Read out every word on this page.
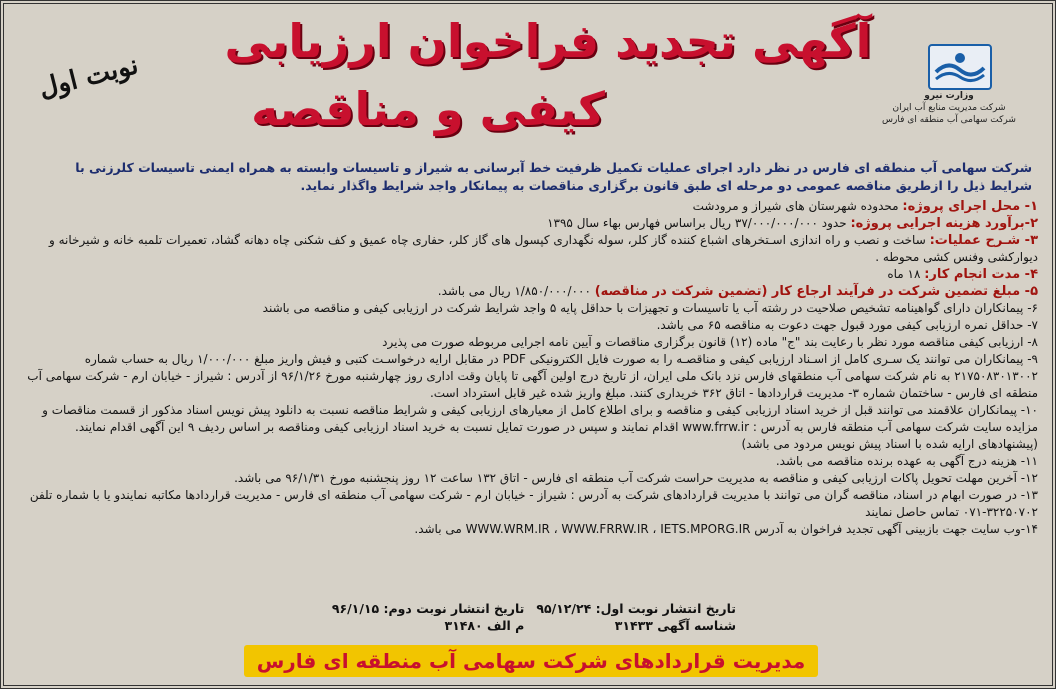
آگهی تجدید فراخوان ارزیابی
کیفی و مناقصه	وزارت نیرو
شرکت مدیریت منابع آب ایران
شرکت سهامی آب منطقه ای فارس
نوبت اول
شرکت سهامی آب منطقه ای فارس در نظر دارد اجرای عملیات تکمیل ظرفیت خط آبرسانی به شیراز و تاسیسات وابسته به همراه ایمنی تاسیسات کلرزنی با شرایط ذیل را ازطریق مناقصه عمومی دو مرحله ای طبق قانون برگزاری مناقصات به پیمانکار واجد شرایط واگذار نماید.
۱- محل اجرای پروژه: محدوده شهرستان های شیراز و مرودشت
۲-برآورد هزینه اجرایی پروژه: حدود ۳۷/۰۰۰/۰۰۰/۰۰۰ ریال براساس فهارس بهاء سال ۱۳۹۵
۳- شـرح عملیات: ساخت و نصب و راه اندازی اسـتخرهای اشباع کننده گاز کلر، سوله نگهداری کپسول های گاز کلر، حفاری چاه عمیق و کف شکنی چاه دهانه گشاد، تعمیرات تلمبه خانه و شیرخانه و دیوارکشی وفنس کشی محوطه .
۴- مدت انجام کار: ۱۸ ماه
۵- مبلغ تضمین شرکت در فرآیند ارجاع کار (تضمین شرکت در مناقصه) ۱/۸۵۰/۰۰۰/۰۰۰ ریال می باشد.
۶- پیمانکاران دارای گواهینامه تشخیص صلاحیت در رشته آب یا تاسیسات و تجهیزات با حداقل پایه ۵ واجد شرایط شرکت در ارزیابی کیفی و مناقصه می باشند
۷- حداقل نمره ارزیابی کیفی مورد قبول جهت دعوت به مناقصه ۶۵ می باشد.
۸- ارزیابی کیفی مناقصه مورد نظر با رعایت بند "ج" ماده (۱۲) قانون برگزاری مناقصات و آیین نامه اجرایی مربوطه صورت می پذیرد
۹- پیمانکاران می توانند یک سـری کامل از اسـناد ارزیابی کیفی و مناقصـه را به صورت فایل الکترونیکی PDF در مقابل ارایه درخواسـت کتبی و فیش واریز مبلغ ۱/۰۰۰/۰۰۰ ریال به حساب شماره ۲۱۷۵۰۸۳۰۱۳۰۰۲ به نام شرکت سهامی آب منطقهای فارس نزد بانک ملی ایران، از تاریخ درج اولین آگهی تا پایان وقت اداری روز چهارشنبه مورخ ۹۶/۱/۲۶ از آدرس : شیراز - خیابان ارم - شرکت سهامی آب منطقه ای فارس - ساختمان شماره ۳- مدیریت قراردادها - اتاق ۳۶۲ خریداری کنند. مبلغ واریز شده غیر قابل استرداد است.
۱۰- پیمانکاران علاقمند می توانند قبل از خرید اسناد ارزیابی کیفی و مناقصه و برای اطلاع کامل از معیارهای ارزیابی کیفی و شرایط مناقصه نسبت به دانلود پیش نویس اسناد مذکور از قسمت مناقصات و مزایده سایت شرکت سهامی آب منطقه فارس به آدرس : www.frrw.ir اقدام نمایند و سپس در صورت تمایل نسبت به خرید اسناد ارزیابی کیفی ومناقصه بر اساس ردیف ۹ این آگهی اقدام نمایند. (پیشنهادهای ارایه شده با اسناد پیش نویس مردود می باشد)
۱۱- هزینه درج آگهی به عهده برنده مناقصه می باشد.
۱۲- آخرین مهلت تحویل پاکات ارزیابی کیفی و مناقصه به مدیریت حراست شرکت آب منطقه ای فارس - اتاق ۱۳۲ ساعت ۱۲ روز پنجشنبه مورخ ۹۶/۱/۳۱ می باشد.
۱۳- در صورت ابهام در اسناد، مناقصه گران می توانند با مدیریت قراردادهای شرکت به آدرس : شیراز - خیابان ارم - شرکت سهامی آب منطقه ای فارس - مدیریت قراردادها مکاتبه نمایندو یا با شماره تلفن ۳۲۲۵۰۷۰۲-۰۷۱ تماس حاصل نمایند
۱۴-وب سایت جهت بازبینی آگهی تجدید فراخوان به آدرس WWW.WRM.IR ، WWW.FRRW.IR ، IETS.MPORG.IR می باشد.
تاریخ انتشار نوبت اول: ۹۵/۱۲/۲۴	تاریخ انتشار نوبت دوم: ۹۶/۱/۱۵
شناسه آگهی ۳۱۴۳۳	م الف ۳۱۴۸۰
مدیریت قراردادهای شرکت سهامی آب منطقه ای فارس
